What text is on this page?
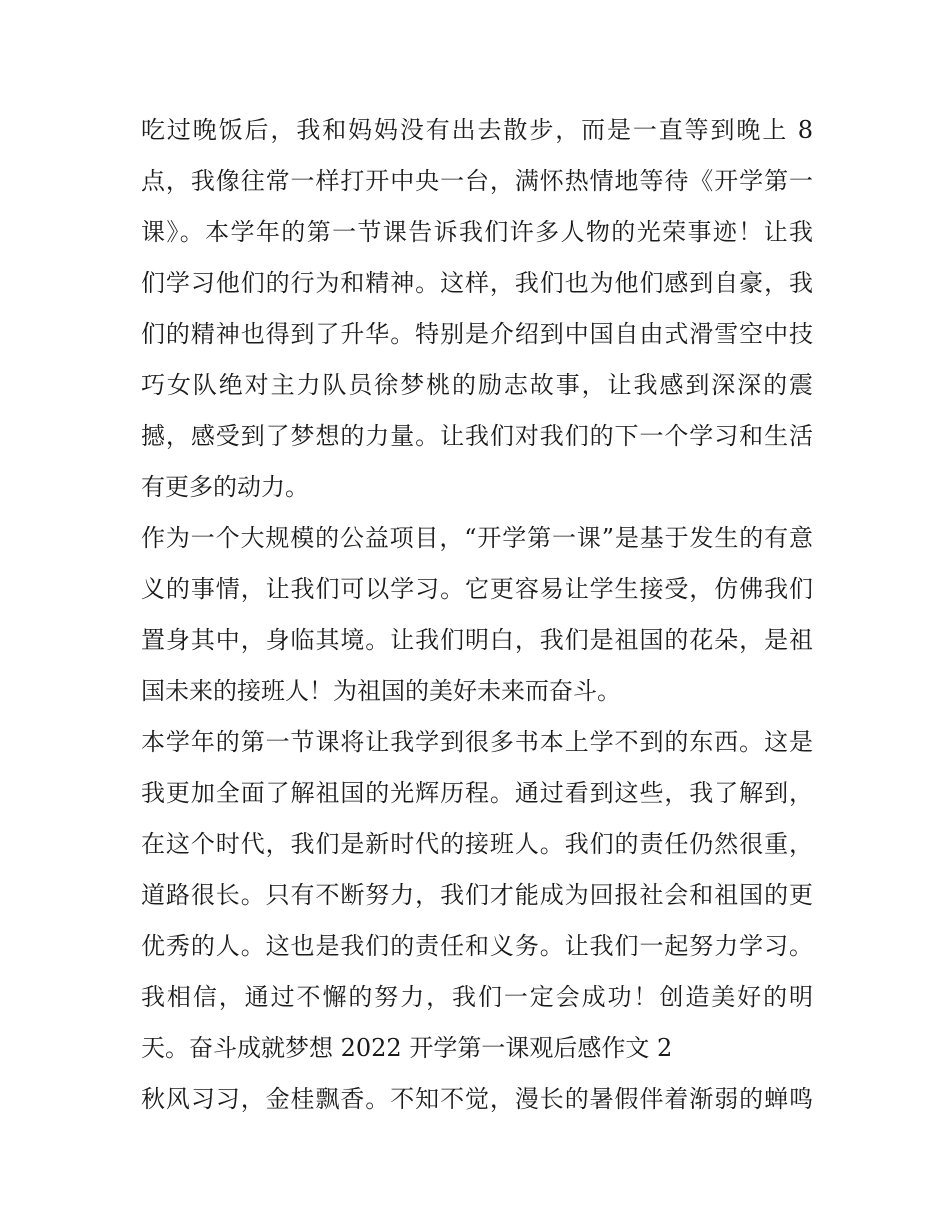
吃过晚饭后，我和妈妈没有出去散步，而是一直等到晚上 8
点，我像往常一样打开中央一台，满怀热情地等待《开学第一
课》。本学年的第一节课告诉我们许多人物的光荣事迹！让我
们学习他们的行为和精神。这样，我们也为他们感到自豪，我
们的精神也得到了升华。特别是介绍到中国自由式滑雪空中技
巧女队绝对主力队员徐梦桃的励志故事，让我感到深深的震
撼，感受到了梦想的力量。让我们对我们的下一个学习和生活
有更多的动力。
作为一个大规模的公益项目，“开学第一课”是基于发生的有意
义的事情，让我们可以学习。它更容易让学生接受，仿佛我们
置身其中，身临其境。让我们明白，我们是祖国的花朵，是祖
国未来的接班人！为祖国的美好未来而奋斗。
本学年的第一节课将让我学到很多书本上学不到的东西。这是
我更加全面了解祖国的光辉历程。通过看到这些，我了解到，
在这个时代，我们是新时代的接班人。我们的责任仍然很重，
道路很长。只有不断努力，我们才能成为回报社会和祖国的更
优秀的人。这也是我们的责任和义务。让我们一起努力学习。
我相信，通过不懈的努力，我们一定会成功！创造美好的明
天。奋斗成就梦想 2022 开学第一课观后感作文 2
秋风习习，金桂飘香。不知不觉，漫长的暑假伴着渐弱的蝉鸣
